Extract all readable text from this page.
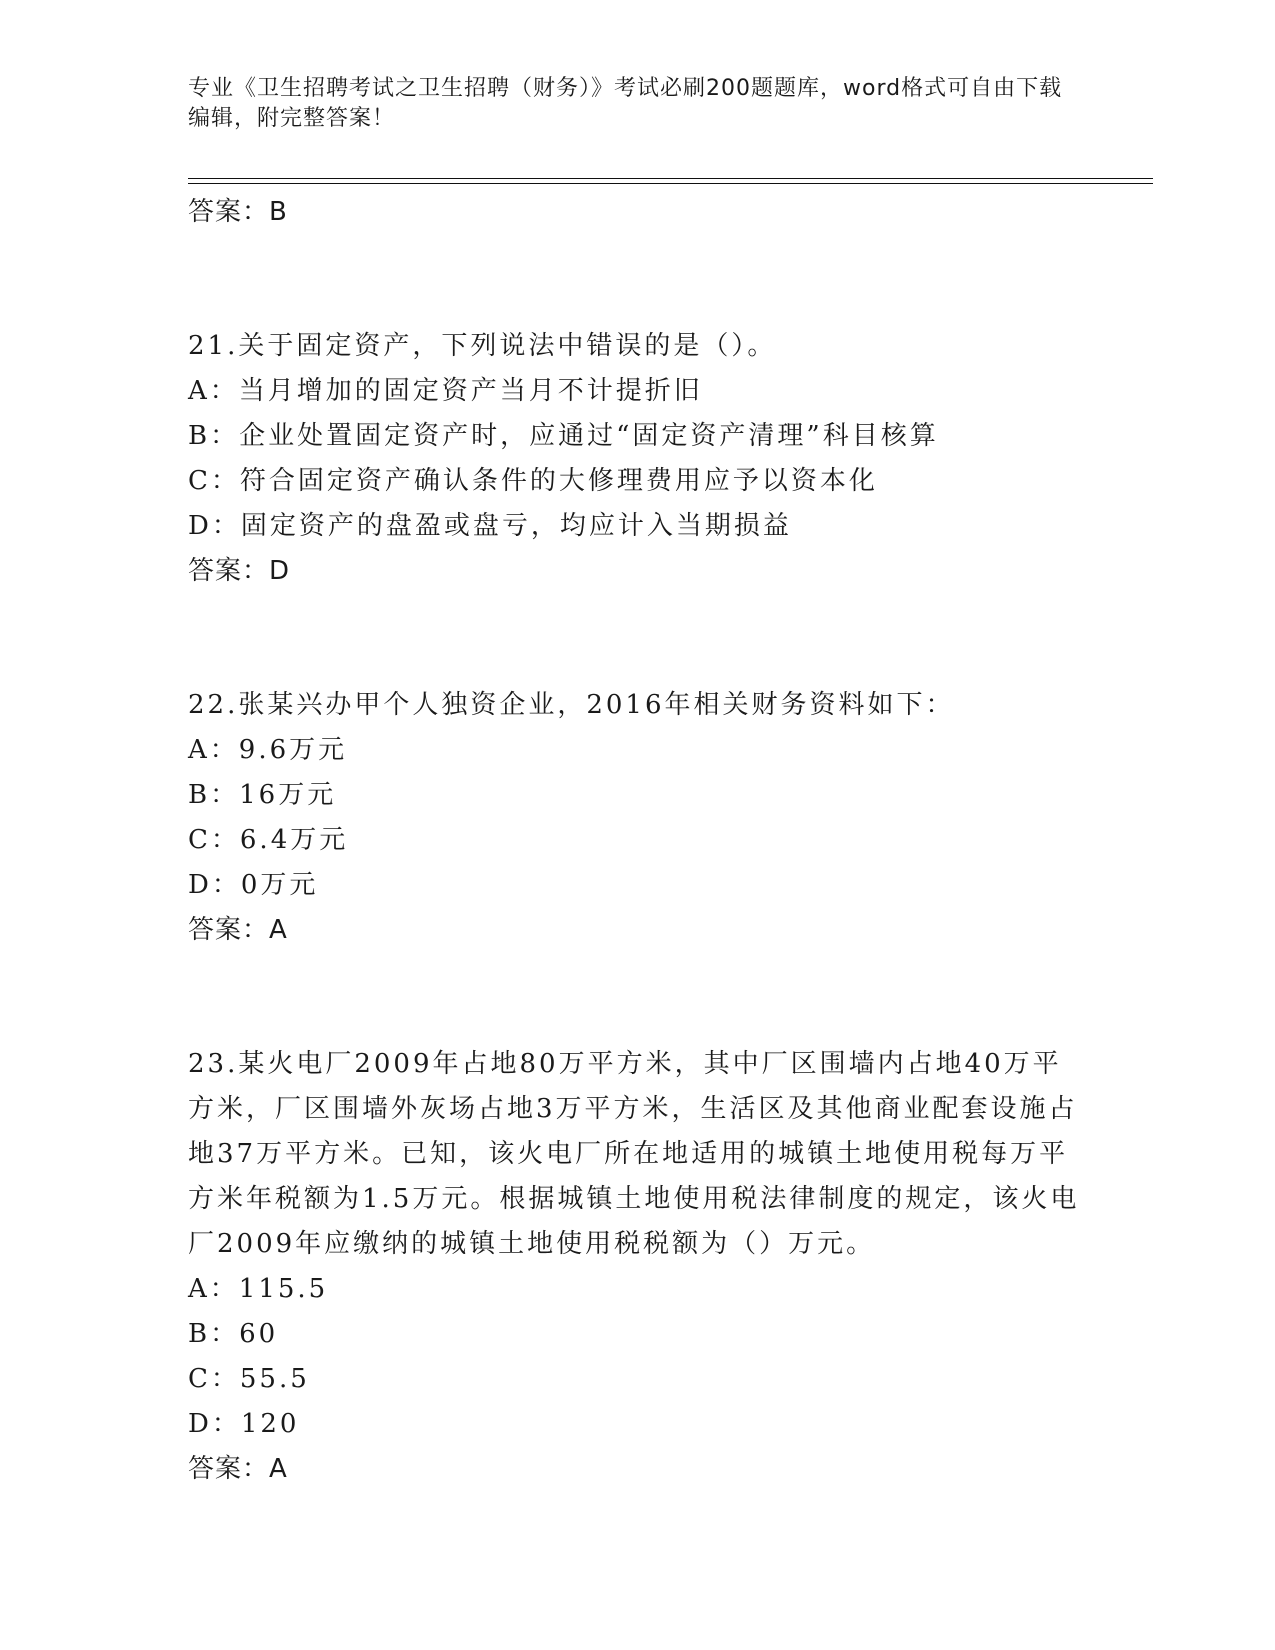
专业《卫生招聘考试之卫生招聘（财务）》考试必刷200题题库，word格式可自由下载编辑，附完整答案！
答案：B
21.关于固定资产，下列说法中错误的是（）。
A：当月增加的固定资产当月不计提折旧
B：企业处置固定资产时，应通过“固定资产清理”科目核算
C：符合固定资产确认条件的大修理费用应予以资本化
D：固定资产的盘盈或盘亏，均应计入当期损益
答案：D
22.张某兴办甲个人独资企业，2016年相关财务资料如下：
A：9.6万元
B：16万元
C：6.4万元
D：0万元
答案：A
23.某火电厂2009年占地80万平方米，其中厂区围墙内占地40万平方米，厂区围墙外灰场占地3万平方米，生活区及其他商业配套设施占地37万平方米。已知，该火电厂所在地适用的城镇土地使用税每万平方米年税额为1.5万元。根据城镇土地使用税法律制度的规定，该火电厂2009年应缴纳的城镇土地使用税税额为（）万元。
A：115.5
B：60
C：55.5
D：120
答案：A
